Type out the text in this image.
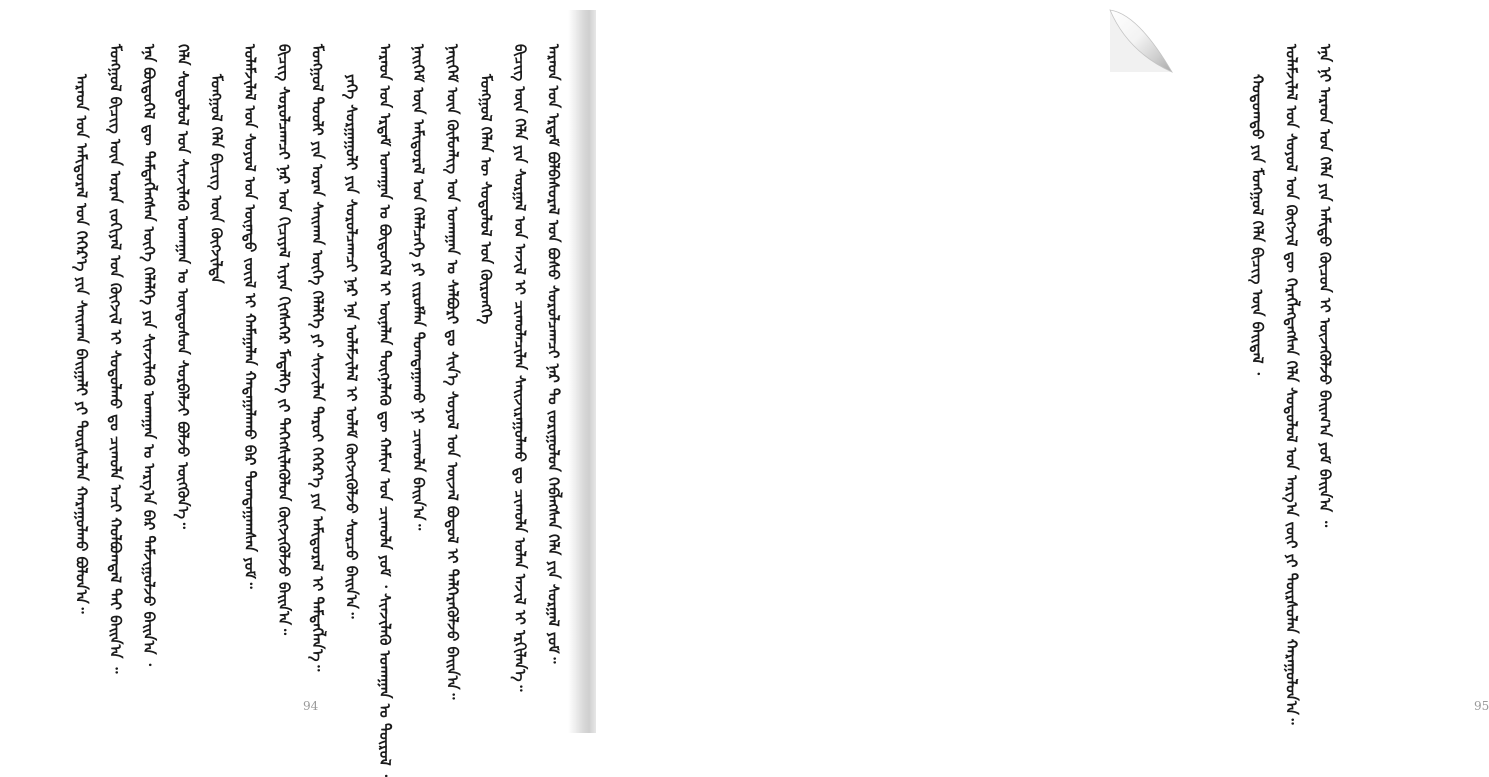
ᠠᠷᠠᠳ ᠤᠨ ᠠᠮᠢᠳᠤᠷᠠᠯ ᠤᠨ ᠬᠡᠭᠡᠷ᠎ᠡ ᠶᠢᠨ ᠰᠠᠢᠬᠠᠨ ᠪᠠᠢᠭᠠᠯᠢ ᠶᠢ ᠳᠦᠷᠰᠦᠯᠡᠨ ᠬᠠᠷᠠᠭᠤᠯᠬᠤ ᠪᠣᠯᠤᠨ᠎ᠠ᠃	ᠮᠣᠩᠭᠣᠯ ᠪᠢᠴᠢᠭ ᠦᠨ ᠤᠷᠠᠨ ᠵᠣᠬᠢᠶᠠᠯ ᠤᠨ ᠬᠦᠭᠵᠢᠯ ᠢ ᠰᠤᠳᠤᠯᠬᠤ ᠳᠤ ᠴᠢᠬᠤᠯᠠ ᠠᠴᠢ ᠬᠣᠯᠪᠤᠭᠳᠠᠯ ᠲᠠᠢ ᠪᠠᠢᠨ᠎ᠠ ᠃	ᠡᠨᠡ ᠪᠦᠲᠦᠭᠡᠯ ᠳᠦ ᠲᠡᠮᠳᠡᠭᠯᠡᠭᠰᠡᠨ ᠦᠭᠡ ᠬᠡᠯᠡᠯᠭᠡ ᠶᠢᠨ ᠰᠢᠨᠵᠢᠯᠡᠬᠦ ᠤᠬᠠᠭᠠᠨ ᠤ ᠠᠷᠭ᠎ᠠ ᠪᠠᠷ ᠳᠠᠮᠵᠢᠭᠤᠯᠵᠤ ᠪᠠᠢᠨ᠎ᠠ ᠂	ᠬᠡᠯᠡ ᠰᠤᠳᠤᠯᠤᠯ ᠤᠨ ᠰᠢᠨᠵᠢᠯᠡᠬᠦ ᠤᠬᠠᠭᠠᠨ ᠤ ᠦᠨᠳᠦᠰᠦᠨ ᠰᠤᠷᠪᠠᠯᠵᠢ ᠪᠣᠯᠵᠤ ᠦᠭᠭᠦᠨ᠎ᠡ᠃	ᠮᠣᠩᠭᠣᠯ ᠬᠡᠯᠡ ᠪᠢᠴᠢᠭ ᠦᠨ ᠬᠥᠭᠵᠢᠯᠲᠡ	ᠤᠯᠠᠮᠵᠢᠯᠠᠯ ᠤᠨ ᠰᠣᠶᠣᠯ ᠤᠨ ᠦᠨᠡᠲᠦ ᠵᠦᠢᠯ ᠢ ᠬᠠᠮᠠᠭᠠᠯᠠᠨ ᠬᠠᠳᠠᠭᠠᠯᠠᠬᠤ ᠪᠠᠷ ᠲᠣᠭᠲᠠᠭᠠᠭᠰᠠᠨ ᠶᠤᠮ᠃	ᠪᠢᠴᠢᠭ ᠰᠤᠷᠤᠯᠴᠠᠭᠴᠢ ᠨᠠᠷ ᠤᠨ ᠬᠢᠴᠢᠶᠡᠯ ᠢᠶᠡᠨ ᠬᠢᠭᠰᠡᠭᠡᠷ ᠮᠡᠳᠡᠯᠭᠡ ᠵᠢ ᠳᠡᠭᠡᠭᠰᠢᠯᠡᠭᠦᠯᠦᠨ ᠬᠥᠭᠵᠢᠭᠦᠯᠵᠦ ᠪᠠᠢᠨ᠎ᠠ᠃	ᠮᠣᠩᠭᠣᠯ ᠲᠤᠤᠯᠢ ᠶᠢᠨ ᠤᠷᠠᠨ ᠰᠠᠢᠬᠠᠨ ᠦᠭᠡ ᠬᠡᠯᠡᠯᠭᠡ ᠶᠢ ᠰᠢᠨᠵᠢᠯᠡᠨ ᠳᠠᠷᠤᠢ ᠬᠡᠭᠡᠷ᠎ᠡ ᠶᠢᠨ ᠠᠮᠢᠳᠤᠷᠠᠯ ᠢ ᠲᠡᠮᠳᠡᠭᠯᠡᠨ᠎ᠡ᠃	ᠶᠡᠬᠡ ᠰᠤᠷᠭᠠᠭᠤᠯᠢ ᠶᠢᠨ ᠰᠤᠷᠤᠯᠴᠠᠭᠴᠢ ᠨᠠᠷ ᠡᠨᠡ ᠤᠯᠠᠮᠵᠢᠯᠠᠯ ᠢ ᠤᠯᠠᠮ ᠬᠥᠭᠵᠢᠭᠦᠯᠵᠦ ᠰᠤᠷᠴᠤ ᠪᠠᠢᠨ᠎ᠠ᠃	ᠠᠷᠠᠳ ᠤᠨ ᠡᠷᠳᠡᠮ ᠤᠬᠠᠭᠠᠨ ᠤ ᠪᠦᠲᠦᠭᠡᠯ ᠢ ᠦᠨᠡᠯᠡᠨ ᠳᠦᠭᠨᠡᠯᠡᠬᠦ ᠳᠦ ᠬᠠᠮᠢᠭ ᠤᠨ ᠴᠢᠬᠤᠯᠠ ᠶᠤᠮ ᠂ ᠰᠢᠨᠵᠢᠯᠡᠬᠦ ᠤᠬᠠᠭᠠᠨ ᠤ ᠲᠦᠷᠦᠯ ᠂	ᠨᠡᠢᠭᠡᠮ ᠦᠨ ᠠᠮᠢᠳᠤᠷᠠᠯ ᠤᠨ ᠬᠡᠯᠡᠯᠴᠡᠭᠡ ᠶᠢ ᠵᠢᠷᠤᠮᠯᠠᠨ ᠲᠣᠭᠲᠠᠭᠠᠬᠤ ᠨᠢ ᠴᠢᠬᠤᠯᠠ ᠪᠠᠢᠨ᠎ᠠ᠃	ᠨᠡᠢᠭᠡᠮ ᠦᠨ ᠬᠦᠮᠦᠨᠯᠢᠭ ᠤᠨ ᠤᠬᠠᠭᠠᠨ ᠤ ᠰᠠᠯᠪᠤᠷᠢ ᠳᠤ ᠰᠢᠨ᠎ᠡ ᠰᠣᠶᠣᠯ ᠤᠨ ᠦᠵᠡᠯ ᠪᠣᠳᠤᠯ ᠢ ᠳᠡᠯᠭᠡᠷᠡᠭᠦᠯᠵᠦ ᠪᠠᠢᠨ᠎ᠠ᠃	ᠮᠣᠩᠭᠣᠯ ᠬᠡᠯᠡᠨ ᠦ ᠰᠤᠳᠤᠯᠤᠯ ᠤᠨ ᠬᠥᠷᠥᠩᠭᠡ	ᠪᠢᠴᠢᠭ ᠦᠨ ᠬᠡᠯᠡ ᠶᠢᠨ ᠰᠤᠷᠭᠠᠯ ᠤᠨ ᠠᠵᠢᠯ ᠢ ᠴᠢᠬᠤᠯᠠᠴᠢᠯᠠᠨ ᠰᠠᠢᠵᠢᠷᠠᠭᠤᠯᠬᠤ ᠳᠤ ᠴᠢᠬᠤᠯᠠ ᠣᠯᠠᠨ ᠠᠵᠢᠯ ᠢ ᠡᠷᠬᠢᠯᠡᠨ᠎ᠡ᠃	ᠠᠷᠠᠳ ᠤᠨ ᠡᠷᠳᠡᠮ ᠪᠣᠯᠪᠠᠰᠤᠷᠠᠯ ᠤᠨ ᠪᠤᠰᠤ ᠰᠤᠷᠤᠯᠴᠠᠭᠴᠢ ᠨᠠᠷ ᠲᠤ ᠵᠣᠷᠢᠭᠤᠯᠤᠨ ᠬᠡᠪᠯᠡᠭᠰᠡᠨ ᠬᠡᠯᠡ ᠶᠢᠨ ᠰᠤᠷᠭᠠᠯ ᠶᠤᠮ᠃
94
ᠬᠣᠳᠣᠭᠳᠤ ᠶᠢᠨ ᠮᠣᠩᠭᠣᠯ ᠬᠡᠯᠡ ᠪᠢᠴᠢᠭ ᠦᠨ ᠪᠠᠢᠳᠠᠯ ᠂	ᠤᠯᠠᠮᠵᠢᠯᠠᠯ ᠤᠨ ᠰᠣᠶᠣᠯ ᠤᠨ ᠬᠦᠭᠵᠢᠯ ᠳᠦ ᠬᠡᠷᠡᠭᠯᠡᠭᠳᠡᠭᠰᠡᠨ ᠬᠡᠯᠡ ᠰᠤᠳᠤᠯᠤᠯ ᠤᠨ ᠠᠷᠭ᠎ᠠ ᠵᠦᠢ ᠶᠢ ᠳᠦᠷᠰᠦᠯᠡᠨ ᠬᠠᠷᠠᠭᠤᠯᠤᠨ᠎ᠠ᠃	ᠡᠨᠡ ᠨᠢ ᠠᠷᠠᠳ ᠤᠨ ᠬᠡᠯᠡ ᠶᠢᠨ ᠠᠮᠢᠳᠤ ᠬᠦᠴᠦᠨ ᠢ ᠦᠵᠡᠭᠦᠯᠵᠦ ᠪᠠᠢᠭ᠎ᠠ ᠶᠤᠮ ᠪᠠᠢᠨ᠎ᠠ ᠃
95
